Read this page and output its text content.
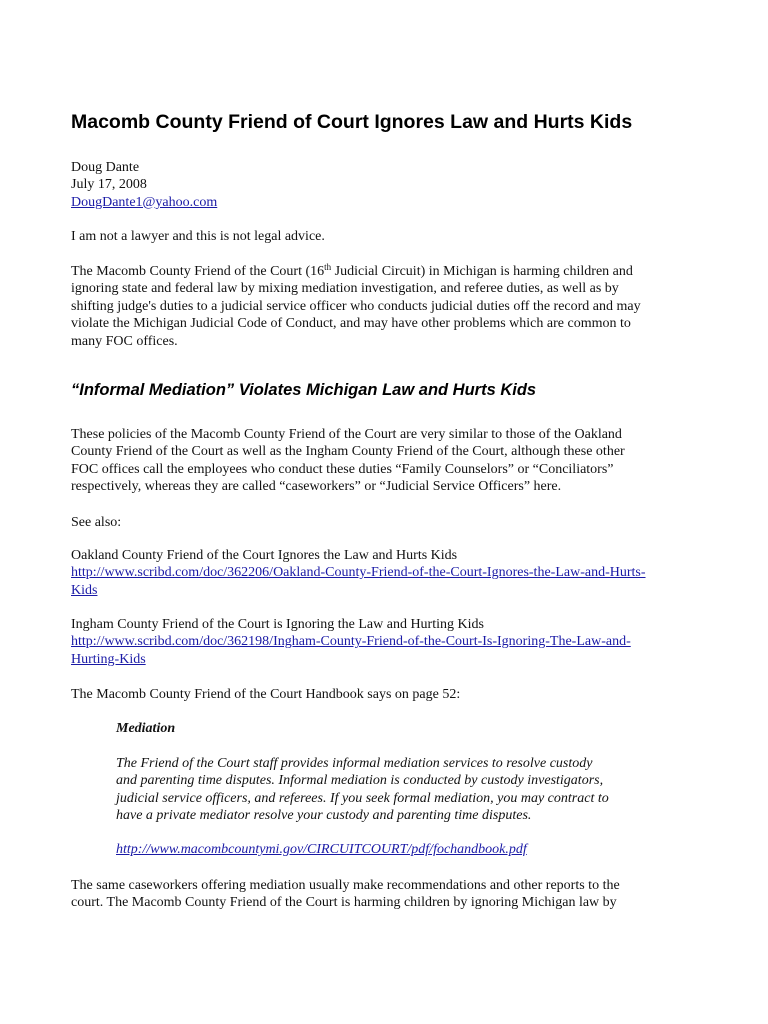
Macomb County Friend of Court Ignores Law and Hurts Kids
Doug Dante
July 17, 2008
DougDante1@yahoo.com

I am not a lawyer and this is not legal advice.

The Macomb County Friend of the Court (16th Judicial Circuit) in Michigan is harming children and
ignoring state and federal law by mixing mediation investigation, and referee duties, as well as by
shifting judge's duties to a judicial service officer who conducts judicial duties off the record and may
violate the Michigan Judicial Code of Conduct, and may have other problems which are common to
many FOC offices.
“Informal Mediation” Violates Michigan Law and Hurts Kids
These policies of the Macomb County Friend of the Court are very similar to those of the Oakland
County Friend of the Court as well as the Ingham County Friend of the Court, although these other
FOC offices call the employees who conduct these duties “Family Counselors” or “Conciliators”
respectively, whereas they are called “caseworkers” or “Judicial Service Officers” here.

See also:

Oakland County Friend of the Court Ignores the Law and Hurts Kids
http://www.scribd.com/doc/362206/Oakland-County-Friend-of-the-Court-Ignores-the-Law-and-Hurts-
Kids
Ingham County Friend of the Court is Ignoring the Law and Hurting Kids
http://www.scribd.com/doc/362198/Ingham-County-Friend-of-the-Court-Is-Ignoring-The-Law-and-
Hurting-Kids

The Macomb County Friend of the Court Handbook says on page 52:

Mediation

The Friend of the Court staff provides informal mediation services to resolve custody
and parenting time disputes. Informal mediation is conducted by custody investigators,
judicial service officers, and referees. If you seek formal mediation, you may contract to
have a private mediator resolve your custody and parenting time disputes.

http://www.macombcountymi.gov/CIRCUITCOURT/pdf/fochandbook.pdf

The same caseworkers offering mediation usually make recommendations and other reports to the
court. The Macomb County Friend of the Court is harming children by ignoring Michigan law by
